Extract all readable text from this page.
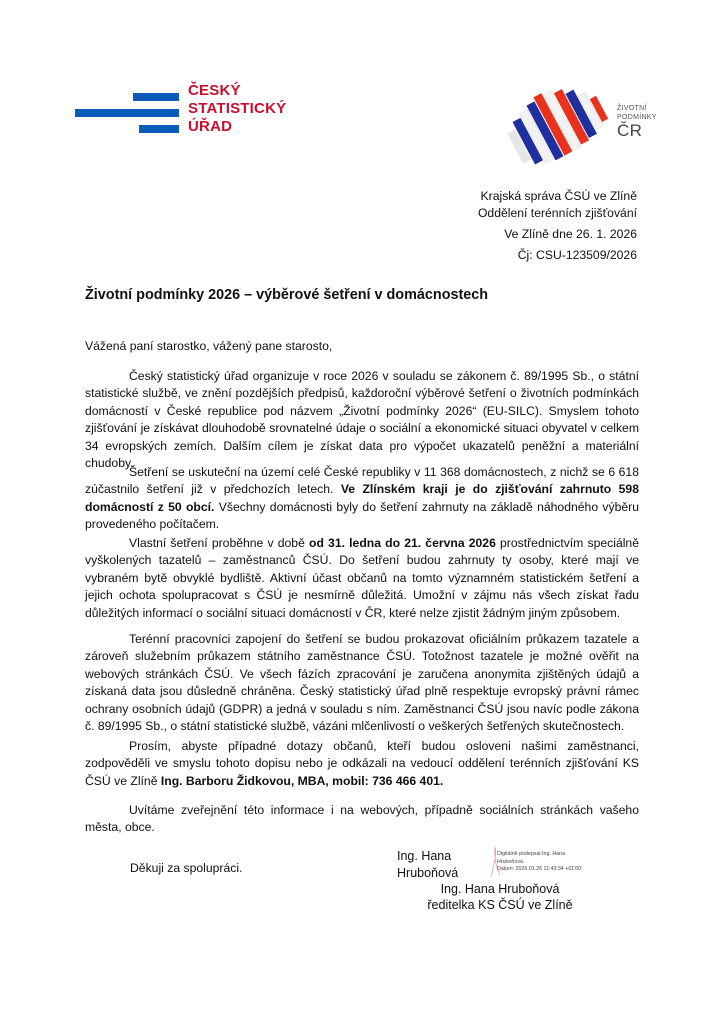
ČESKÝ
STATISTICKÝ
ÚŘAD
ŽIVOTNÍ
PODMÍNKY
ČR
Krajská správa ČSÚ ve Zlíně
Oddělení terénních zjišťování
Ve Zlíně dne 26. 1. 2026
Čj: CSU-123509/2026
Životní podmínky 2026 – výběrové šetření v domácnostech
Vážená paní starostko, vážený pane starosto,
Český statistický úřad organizuje v roce 2026 v souladu se zákonem č. 89/1995 Sb., o státní statistické službě, ve znění pozdějších předpisů, každoroční výběrové šetření o životních podmínkách domácností v České republice pod názvem „Životní podmínky 2026“ (EU-SILC). Smyslem tohoto zjišťování je získávat dlouhodobě srovnatelné údaje o sociální a ekonomické situaci obyvatel v celkem 34 evropských zemích. Dalším cílem je získat data pro výpočet ukazatelů peněžní a materiální chudoby.
Šetření se uskuteční na území celé České republiky v 11 368 domácnostech, z nichž se 6 618 zúčastnilo šetření již v předchozích letech. Ve Zlínském kraji je do zjišťování zahrnuto 598 domácností z 50 obcí. Všechny domácnosti byly do šetření zahrnuty na základě náhodného výběru provedeného počítačem.
Vlastní šetření proběhne v době od 31. ledna do 21. června 2026 prostřednictvím speciálně vyškolených tazatelů – zaměstnanců ČSÚ. Do šetření budou zahrnuty ty osoby, které mají ve vybraném bytě obvyklé bydliště. Aktivní účast občanů na tomto významném statistickém šetření a jejich ochota spolupracovat s ČSÚ je nesmírně důležitá. Umožní v zájmu nás všech získat řadu důležitých informací o sociální situaci domácností v ČR, které nelze zjistit žádným jiným způsobem.
Terénní pracovníci zapojení do šetření se budou prokazovat oficiálním průkazem tazatele a zároveň služebním průkazem státního zaměstnance ČSÚ. Totožnost tazatele je možné ověřit na webových stránkách ČSÚ. Ve všech fázích zpracování je zaručena anonymita zjištěných údajů a získaná data jsou důsledně chráněna. Český statistický úřad plně respektuje evropský právní rámec ochrany osobních údajů (GDPR) a jedná v souladu s ním. Zaměstnanci ČSÚ jsou navíc podle zákona č. 89/1995 Sb., o státní statistické službě, vázáni mlčenlivostí o veškerých šetřených skutečnostech.
Prosím, abyste případné dotazy občanů, kteří budou osloveni našimi zaměstnanci, zodpověděli ve smyslu tohoto dopisu nebo je odkázali na vedoucí oddělení terénních zjišťování KS ČSÚ ve Zlíně Ing. Barboru Židkovou, MBA, mobil: 736 466 401.
Uvítáme zveřejnění této informace i na webových, případně sociálních stránkách vašeho města, obce.
Děkuji za spolupráci.
Ing. Hana
Hruboňová
Digitálně podepsal Ing. Hana
Hruboňová
Datum: 2026.01.26 11:43:34 +01'00'
Ing. Hana Hruboňová
ředitelka KS ČSÚ ve Zlíně
